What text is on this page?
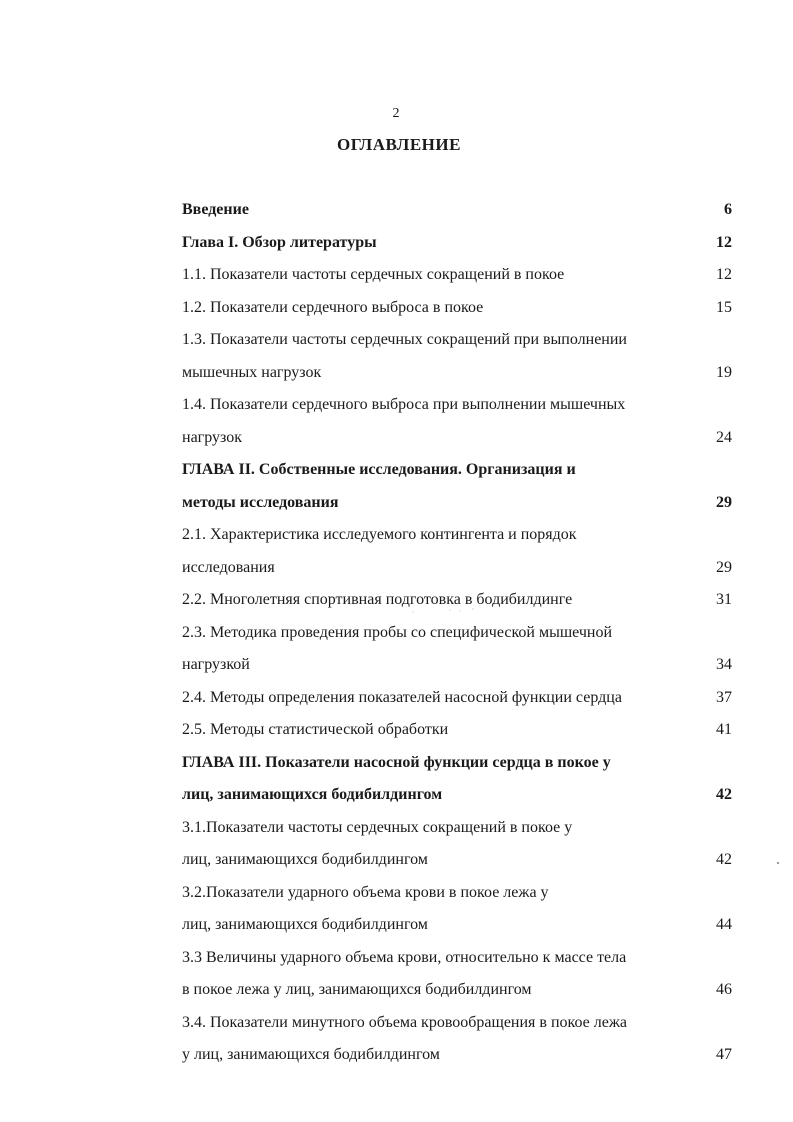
2
ОГЛАВЛЕНИЕ
Введение	6
Глава I. Обзор литературы	12
1.1. Показатели частоты сердечных сокращений в покое	12
1.2. Показатели сердечного выброса в покое	15
1.3. Показатели частоты сердечных сокращений при выполнении
мышечных нагрузок	19
1.4. Показатели сердечного выброса при выполнении мышечных
нагрузок	24
ГЛАВА II. Собственные исследования. Организация и
методы исследования	29
2.1. Характеристика исследуемого контингента и порядок
исследования	29
2.2. Многолетняя спортивная подготовка в бодибилдинге	31
2.3. Методика проведения пробы со специфической мышечной
нагрузкой	34
2.4. Методы определения показателей насосной функции сердца	37
2.5. Методы статистической обработки	41
ГЛАВА III. Показатели насосной функции сердца в покое у
лиц, занимающихся бодибилдингом	42
3.1.Показатели частоты сердечных сокращений в покое у
лиц, занимающихся бодибилдингом	42
3.2.Показатели ударного объема крови в покое лежа у
лиц, занимающихся бодибилдингом	44
3.3 Величины ударного объема крови, относительно к массе тела
в покое лежа у лиц, занимающихся бодибилдингом	46
3.4. Показатели минутного объема кровообращения в покое лежа
у лиц, занимающихся бодибилдингом	47
